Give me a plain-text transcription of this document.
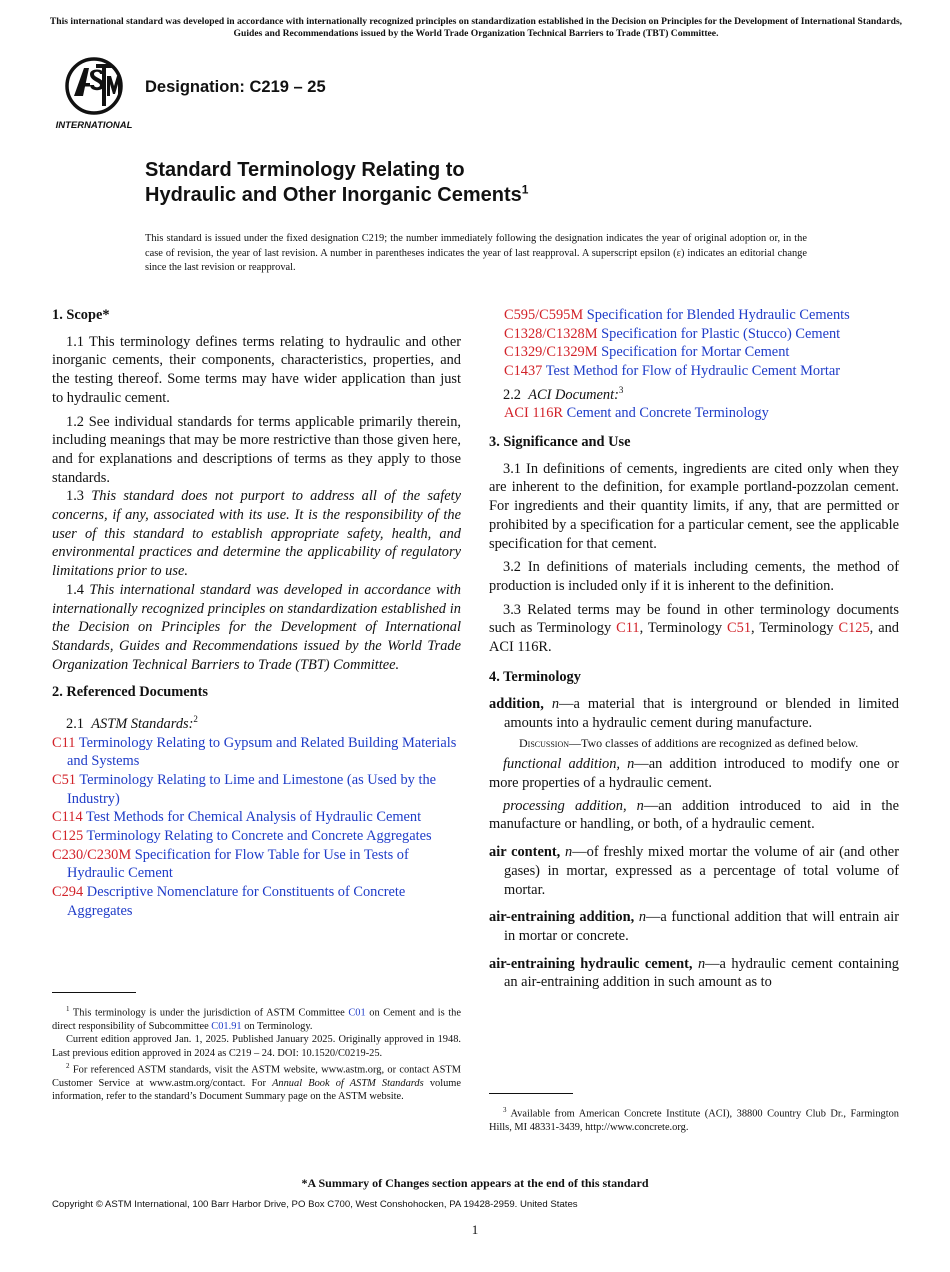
This international standard was developed in accordance with internationally recognized principles on standardization established in the Decision on Principles for the Development of International Standards, Guides and Recommendations issued by the World Trade Organization Technical Barriers to Trade (TBT) Committee.
INTERNATIONAL
Designation: C219 – 25
Standard Terminology Relating to
Hydraulic and Other Inorganic Cements$^1$
This standard is issued under the fixed designation C219; the number immediately following the designation indicates the year of original adoption or, in the case of revision, the year of last revision. A number in parentheses indicates the year of last reapproval. A superscript epsilon (ε) indicates an editorial change since the last revision or reapproval.

1. Scope*

1.1 This terminology defines terms relating to hydraulic and other inorganic cements, their components, characteristics, properties, and the testing thereof. Some terms may have wider application than just to hydraulic cement.

1.2 See individual standards for terms applicable primarily therein, including meanings that may be more restrictive than those given here, and for explanations and descriptions of terms as they apply to those standards.

1.3 This standard does not purport to address all of the safety concerns, if any, associated with its use. It is the responsibility of the user of this standard to establish appropriate safety, health, and environmental practices and determine the applicability of regulatory limitations prior to use.

1.4 This international standard was developed in accordance with internationally recognized principles on standardization established in the Decision on Principles for the Development of International Standards, Guides and Recommendations issued by the World Trade Organization Technical Barriers to Trade (TBT) Committee.

2. Referenced Documents

2.1 ASTM Standards:$^2$

C11 Terminology Relating to Gypsum and Related Building Materials and Systems

C51 Terminology Relating to Lime and Limestone (as Used by the Industry)

C114 Test Methods for Chemical Analysis of Hydraulic Cement

C125 Terminology Relating to Concrete and Concrete Aggregates

C230/C230M Specification for Flow Table for Use in Tests of Hydraulic Cement

C294 Descriptive Nomenclature for Constituents of Concrete Aggregates

$^1$ This terminology is under the jurisdiction of ASTM Committee C01 on Cement and is the direct responsibility of Subcommittee C01.91 on Terminology.

Current edition approved Jan. 1, 2025. Published January 2025. Originally approved in 1948. Last previous edition approved in 2024 as C219 – 24. DOI: 10.1520/C0219-25.

$^2$ For referenced ASTM standards, visit the ASTM website, www.astm.org, or contact ASTM Customer Service at www.astm.org/contact. For Annual Book of ASTM Standards volume information, refer to the standard’s Document Summary page on the ASTM website.

C595/C595M Specification for Blended Hydraulic Cements

C1328/C1328M Specification for Plastic (Stucco) Cement

C1329/C1329M Specification for Mortar Cement

C1437 Test Method for Flow of Hydraulic Cement Mortar

2.2 ACI Document:$^3$

ACI 116R Cement and Concrete Terminology

3. Significance and Use

3.1 In definitions of cements, ingredients are cited only when they are inherent to the definition, for example portland-pozzolan cement. For ingredients and their quantity limits, if any, that are permitted or prohibited by a specification for a particular cement, see the applicable specification for that cement.

3.2 In definitions of materials including cements, the method of production is included only if it is inherent to the definition.

3.3 Related terms may be found in other terminology documents such as Terminology C11, Terminology C51, Terminology C125, and ACI 116R.

4. Terminology

addition, n—a material that is interground or blended in limited amounts into a hydraulic cement during manufacture.

Discussion—Two classes of additions are recognized as defined below.

functional addition, n—an addition introduced to modify one or more properties of a hydraulic cement.

processing addition, n—an addition introduced to aid in the manufacture or handling, or both, of a hydraulic cement.

air content, n—of freshly mixed mortar the volume of air (and other gases) in mortar, expressed as a percentage of total volume of mortar.

air-entraining addition, n—a functional addition that will entrain air in mortar or concrete.

air-entraining hydraulic cement, n—a hydraulic cement containing an air-entraining addition in such amount as to

$^3$ Available from American Concrete Institute (ACI), 38800 Country Club Dr., Farmington Hills, MI 48331-3439, http://www.concrete.org.

*A Summary of Changes section appears at the end of this standard
Copyright © ASTM International, 100 Barr Harbor Drive, PO Box C700, West Conshohocken, PA 19428-2959. United States
1
